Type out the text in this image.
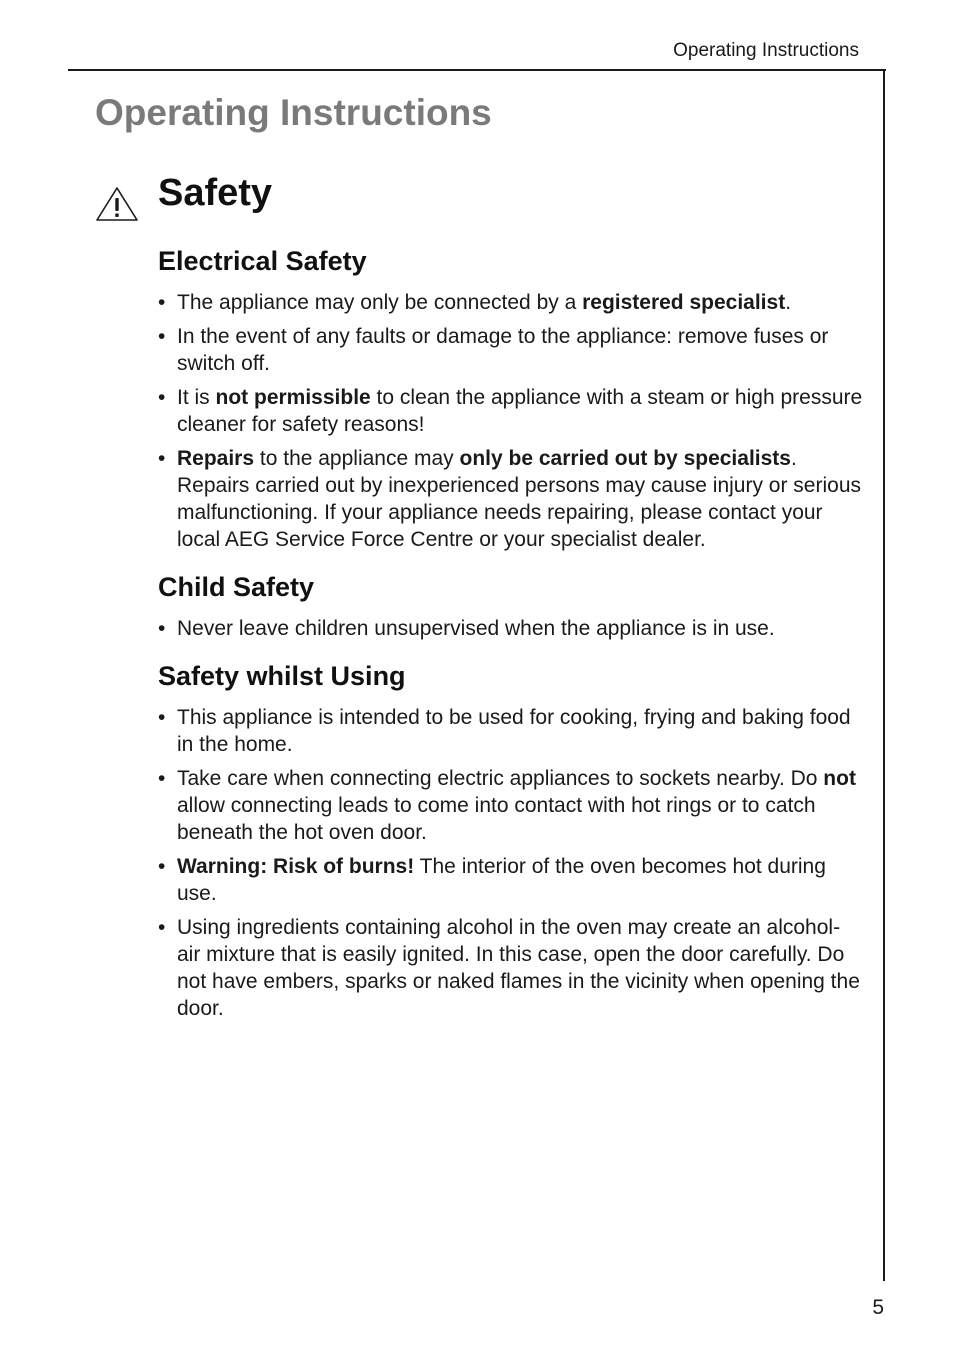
Operating Instructions
Operating Instructions
Safety
Electrical Safety
• The appliance may only be connected by a registered specialist.
• In the event of any faults or damage to the appliance: remove fuses or switch off.
• It is not permissible to clean the appliance with a steam or high pressure cleaner for safety reasons!
• Repairs to the appliance may only be carried out by specialists. Repairs carried out by inexperienced persons may cause injury or serious malfunctioning. If your appliance needs repairing, please contact your local AEG Service Force Centre or your specialist dealer.
Child Safety
• Never leave children unsupervised when the appliance is in use.
Safety whilst Using
• This appliance is intended to be used for cooking, frying and baking food in the home.
• Take care when connecting electric appliances to sockets nearby. Do not allow connecting leads to come into contact with hot rings or to catch beneath the hot oven door.
• Warning: Risk of burns! The interior of the oven becomes hot during use.
• Using ingredients containing alcohol in the oven may create an alcohol-air mixture that is easily ignited. In this case, open the door carefully. Do not have embers, sparks or naked flames in the vicinity when opening the door.
5
